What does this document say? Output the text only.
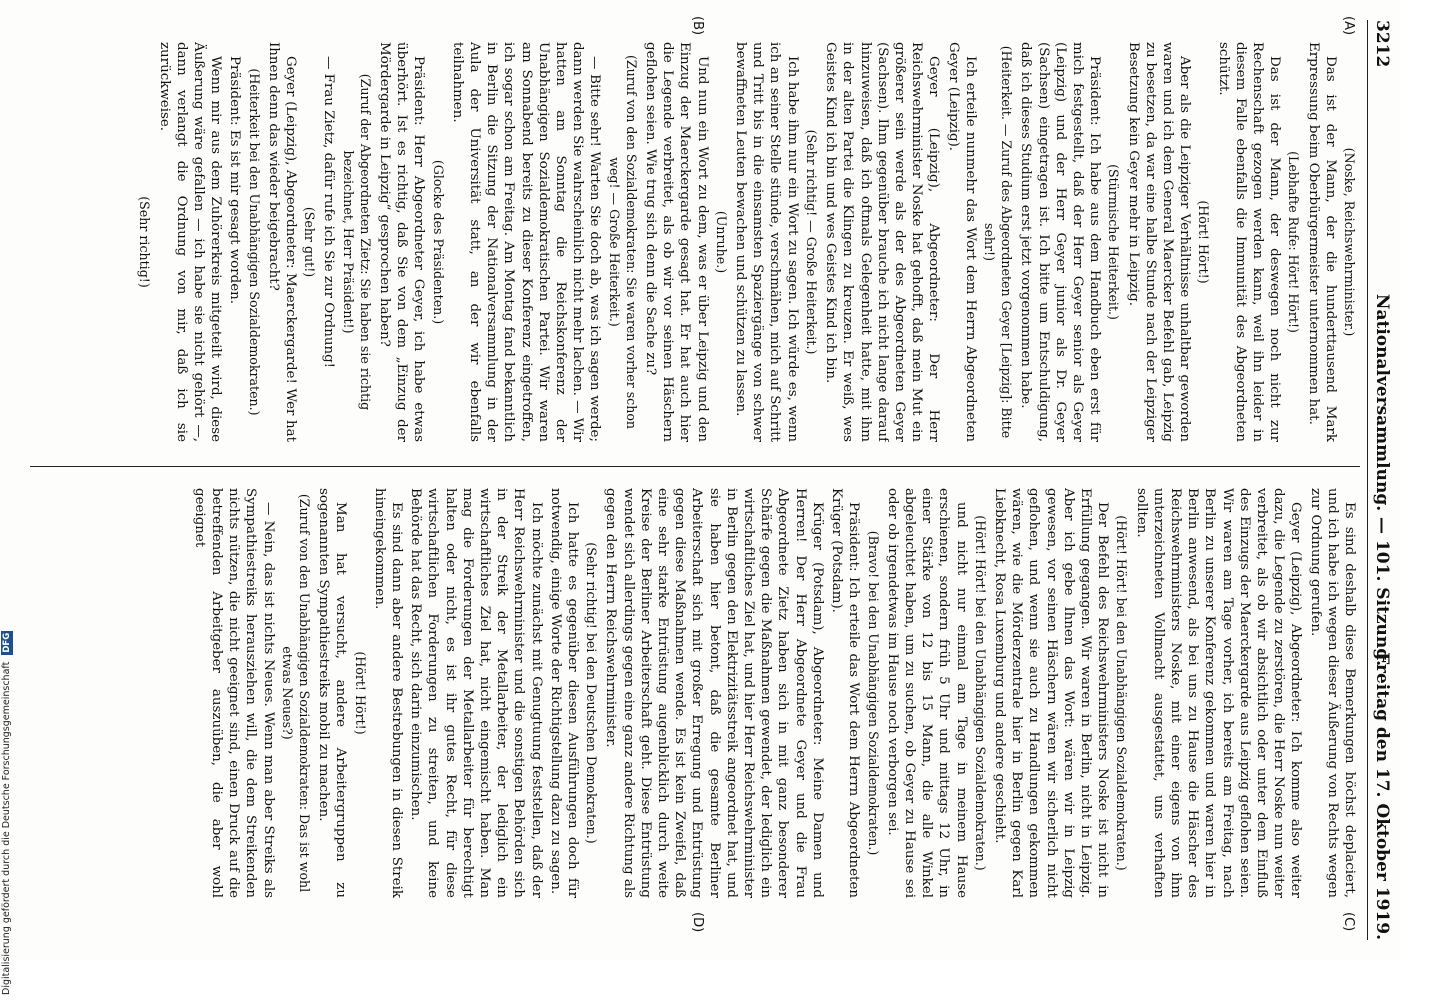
3212
Nationalversammlung. — 101. Sitzung.
Freitag den 17. Oktober 1919.
(A)
(B)
(C)
(D)

(Noske, Reichswehrminister.)

Das ist der Mann, der die hunderttausend Mark Erpressung beim Oberbürgermeister unternommen hat.

(Lebhafte Rufe: Hört! Hört!)

Das ist der Mann, der deswegen noch nicht zur Rechenschaft gezogen werden kann, weil ihn leider in diesem Falle ebenfalls die Immunität des Abgeordneten schützt.

(Hört! Hört!)

Aber als die Leipziger Verhältnisse unhaltbar geworden waren und ich dem General Maercker Befehl gab, Leipzig zu besetzen, da war eine halbe Stunde nach der Leipziger Besetzung kein Geyer mehr in Leipzig.

(Stürmische Heiterkeit.)

Präsident: Ich habe aus dem Handbuch eben erst für mich festgestellt, daß der Herr Geyer senior als Geyer (Leipzig) und der Herr Geyer junior als Dr. Geyer (Sachsen) eingetragen ist. Ich bitte um Entschuldigung, daß ich dieses Studium erst jetzt vorgenommen habe.

(Heiterkeit. — Zuruf des Abgeordneten Geyer [Leipzig]: Bitte sehr!)

Ich erteile nunmehr das Wort dem Herrn Abgeordneten Geyer (Leipzig).

Geyer (Leipzig), Abgeordneter: Der Herr Reichswehrminister Noske hat gehofft, daß mein Mut ein größerer sein werde als der des Abgeordneten Geyer (Sachsen). Ihm gegenüber brauche ich nicht lange darauf hinzuweisen, daß ich oftmals Gelegenheit hatte, mit ihm in der alten Partei die Klingen zu kreuzen. Er weiß, wes Geistes Kind ich bin und wes Geistes Kind ich bin.

(Sehr richtig! — Große Heiterkeit.)

Ich habe ihm nur ein Wort zu sagen. Ich würde es, wenn ich an seiner Stelle stünde, verschmähen, mich auf Schritt und Tritt bis in die einsamsten Spaziergänge von schwer bewaffneten Leuten bewachen und schützen zu lassen.

(Unruhe.)

Und nun ein Wort zu dem, was er über Leipzig und den Einzug der Maerckergarde gesagt hat. Er hat auch hier die Legende verbreitet, als ob wir vor seinen Häschern geflohen seien. Wie trug sich denn die Sache zu?

(Zuruf von den Sozialdemokraten: Sie waren vorher schon weg! — Große Heiterkeit.)

— Bitte sehr! Warten Sie doch ab, was ich sagen werde; dann werden Sie wahrscheinlich nicht mehr lachen. — Wir hatten am Sonntag die Reichskonferenz der Unabhängigen Sozialdemokratischen Partei. Wir waren am Sonnabend bereits zu dieser Konferenz eingetroffen, ich sogar schon am Freitag. Am Montag fand bekanntlich in Berlin die Sitzung der Nationalversammlung in der Aula der Universität statt, an der wir ebenfalls teilnahmen.

(Glocke des Präsidenten.)

Präsident: Herr Abgeordneter Geyer, ich habe etwas überhört. Ist es richtig, daß Sie von dem „Einzug der Mördergarde in Leipzig“ gesprochen haben?

(Zuruf der Abgeordneten Zietz: Sie haben sie richtig bezeichnet, Herr Präsident!)

— Frau Zietz, dafür rufe ich Sie zur Ordnung!

(Sehr gut!)

Geyer (Leipzig), Abgeordneter: Maerckergarde! Wer hat Ihnen denn das wieder beigebracht?

(Heiterkeit bei den Unabhängigen Sozialdemokraten.)

Präsident: Es ist mir gesagt worden.

Wenn mir aus dem Zuhörerkreis mitgeteilt wird, diese Äußerung wäre gefallen — ich habe sie nicht gehört —, dann verlangt die Ordnung von mir, daß ich sie zurückweise.

(Sehr richtig!)

Es sind deshalb diese Bemerkungen höchst deplaciert, und ich habe ich wegen dieser Äußerung von Rechts wegen zur Ordnung gerufen.

Geyer (Leipzig), Abgeordneter: Ich komme also weiter dazu, die Legende zu zerstören, die Herr Noske nun weiter verbreitet, als ob wir absichtlich oder unter dem Einfluß des Einzugs der Maerckergarde aus Leipzig geflohen seien. Wir waren am Tage vorher, ich bereits am Freitag, nach Berlin zu unserer Konferenz gekommen und waren hier in Berlin anwesend, als bei uns zu Hause die Häscher des Reichswehrministers Noske, mit einer eigens von ihm unterzeichneten Vollmacht ausgestattet, uns verhaften sollten.

(Hört! Hört! bei den Unabhängigen Sozialdemokraten.)

Der Befehl des Reichswehrministers Noske ist nicht in Erfüllung gegangen. Wir waren in Berlin, nicht in Leipzig. Aber ich gebe Ihnen das Wort: wären wir in Leipzig gewesen, vor seinen Häschern wären wir sicherlich nicht geflohen, und wenn sie auch zu Handlungen gekommen wären, wie die Mörderzentrale hier in Berlin gegen Karl Liebknecht, Rosa Luxemburg und andere geschieht.

(Hört! Hört! bei den Unabhängigen Sozialdemokraten.)

und nicht nur einmal am Tage in meinem Hause erschienen, sondern früh 5 Uhr und mittags 12 Uhr, in einer Stärke von 12 bis 15 Mann, die alle Winkel abgeleuchtet haben, um zu suchen, ob Geyer zu Hause sei oder ob irgendetwas im Hause noch verborgen sei.

(Bravo! bei den Unabhängigen Sozialdemokraten.)

Präsident: Ich erteile das Wort dem Herrn Abgeordneten Krüger (Potsdam).

Krüger (Potsdam), Abgeordneter: Meine Damen und Herren! Der Herr Abgeordnete Geyer und die Frau Abgeordnete Zietz haben sich in mit ganz besonderer Schärfe gegen die Maßnahmen gewendet, der lediglich ein wirtschaftliches Ziel hat, und hier Herr Reichswehrminister in Berlin gegen den Elektrizitätsstreik angeordnet hat, und sie haben hier betont, daß die gesamte Berliner Arbeiterschaft sich mit großer Erregung und Entrüstung gegen diese Maßnahmen wende. Es ist kein Zweifel, daß eine sehr starke Entrüstung augenblicklich durch weite Kreise der Berliner Arbeiterschaft geht. Diese Entrüstung wendet sich allerdings gegen eine ganz andere Richtung als gegen den Herrn Reichswehrminister.

(Sehr richtig! bei den Deutschen Demokraten.)

Ich hatte es gegenüber diesen Ausführungen doch für notwendig, einige Worte der Richtigstellung dazu zu sagen.

Ich möchte zunächst mit Genugtuung feststellen, daß der Herr Reichswehrminister und die sonstigen Behörden sich in der Streik der Metallarbeiter, der lediglich ein wirtschaftliches Ziel hat, nicht eingemischt haben. Man mag die Forderungen der Metallarbeiter für berechtigt halten oder nicht, es ist ihr gutes Recht, für diese wirtschaftlichen Forderungen zu streiten, und keine Behörde hat das Recht, sich darin einzumischen.

Es sind dann aber andere Bestrebungen in diesen Streik hineingekommen.

(Hört! Hört!)

Man hat versucht, andere Arbeitergruppen zu sogenannten Sympathiestreiks mobil zu machen.

(Zuruf von den Unabhängigen Sozialdemokraten: Das ist wohl etwas Neues?)

— Nein, das ist nichts Neues. Wenn man aber Streiks als Sympathiestreiks herausziehen will, die dem Streikenden nichts nützen, die nicht geeignet sind, einen Druck auf die betreffenden Arbeitgeber auszuüben, die aber wohl geeignet

Digitalisierung gefördert durch die Deutsche Forschungsgemeinschaft DFG
